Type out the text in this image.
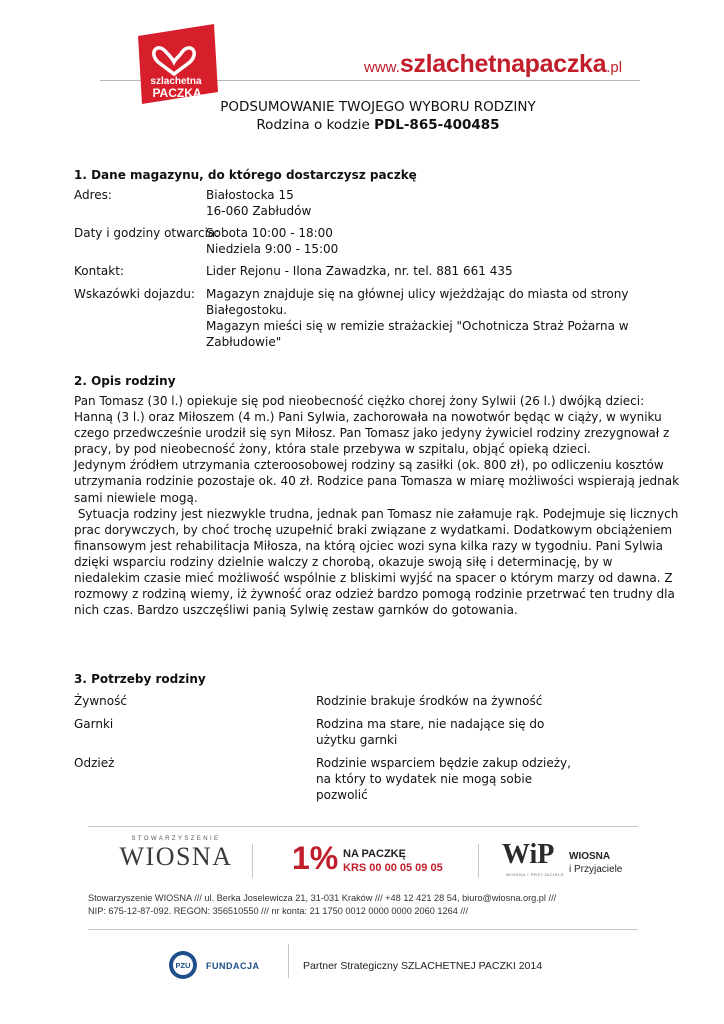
szlachetna
PACZKA
www.szlachetnapaczka.pl
PODSUMOWANIE TWOJEGO WYBORU RODZINY
Rodzina o kodzie PDL-865-400485
1. Dane magazynu, do którego dostarczysz paczkę
Adres:	Białostocka 15
16-060 Zabłudów
Daty i godziny otwarcia:
Sobota 10:00 - 18:00
Niedziela 9:00 - 15:00
Kontakt:	Lider Rejonu - Ilona Zawadzka, nr. tel. 881 661 435
Wskazówki dojazdu: Magazyn znajduje się na głównej ulicy wjeżdżając do miasta od strony
Białegostoku.
Magazyn mieści się w remizie strażackiej "Ochotnicza Straż Pożarna w
Zabłudowie"
2. Opis rodziny
Pan Tomasz (30 l.) opiekuje się pod nieobecność ciężko chorej żony Sylwii (26 l.) dwójką dzieci:
Hanną (3 l.) oraz Miłoszem (4 m.) Pani Sylwia, zachorowała na nowotwór będąc w ciąży, w wyniku
czego przedwcześnie urodził się syn Miłosz. Pan Tomasz jako jedyny żywiciel rodziny zrezygnował z
pracy, by pod nieobecność żony, która stale przebywa w szpitalu, objąć opieką dzieci.
Jedynym źródłem utrzymania czteroosobowej rodziny są zasiłki (ok. 800 zł), po odliczeniu kosztów
utrzymania rodzinie pozostaje ok. 40 zł. Rodzice pana Tomasza w miarę możliwości wspierają jednak
sami niewiele mogą.
Sytuacja rodziny jest niezwykle trudna, jednak pan Tomasz nie załamuje rąk. Podejmuje się licznych
prac dorywczych, by choć trochę uzupełnić braki związane z wydatkami. Dodatkowym obciążeniem
finansowym jest rehabilitacja Miłosza, na którą ojciec wozi syna kilka razy w tygodniu. Pani Sylwia
dzięki wsparciu rodziny dzielnie walczy z chorobą, okazuje swoją siłę i determinację, by w
niedalekim czasie mieć możliwość wspólnie z bliskimi wyjść na spacer o którym marzy od dawna. Z
rozmowy z rodziną wiemy, iż żywność oraz odzież bardzo pomogą rodzinie przetrwać ten trudny dla
nich czas. Bardzo uszczęśliwi panią Sylwię zestaw garnków do gotowania.
3. Potrzeby rodziny
Żywność	Rodzinie brakuje środków na żywność
Garnki	Rodzina ma stare, nie nadające się do
użytku garnki
Odzież	Rodzinie wsparciem będzie zakup odzieży,
na który to wydatek nie mogą sobie
pozwolić
STOWARZYSZENIE
WIOSNA 1% NA PACZKĘ
KRS 00 00 05 09 05 WiP
WIOSNA I PRZYJACIELE
WIOSNA
i Przyjaciele
Stowarzyszenie WIOSNA /// ul. Berka Joselewicza 21, 31-031 Kraków /// +48 12 421 28 54, biuro@wiosna.org.pl ///
NIP: 675-12-87-092. REGON: 356510550 /// nr konta: 21 1750 0012 0000 0000 2060 1264 ///
PZU FUNDACJA	Partner Strategiczny SZLACHETNEJ PACZKI 2014
